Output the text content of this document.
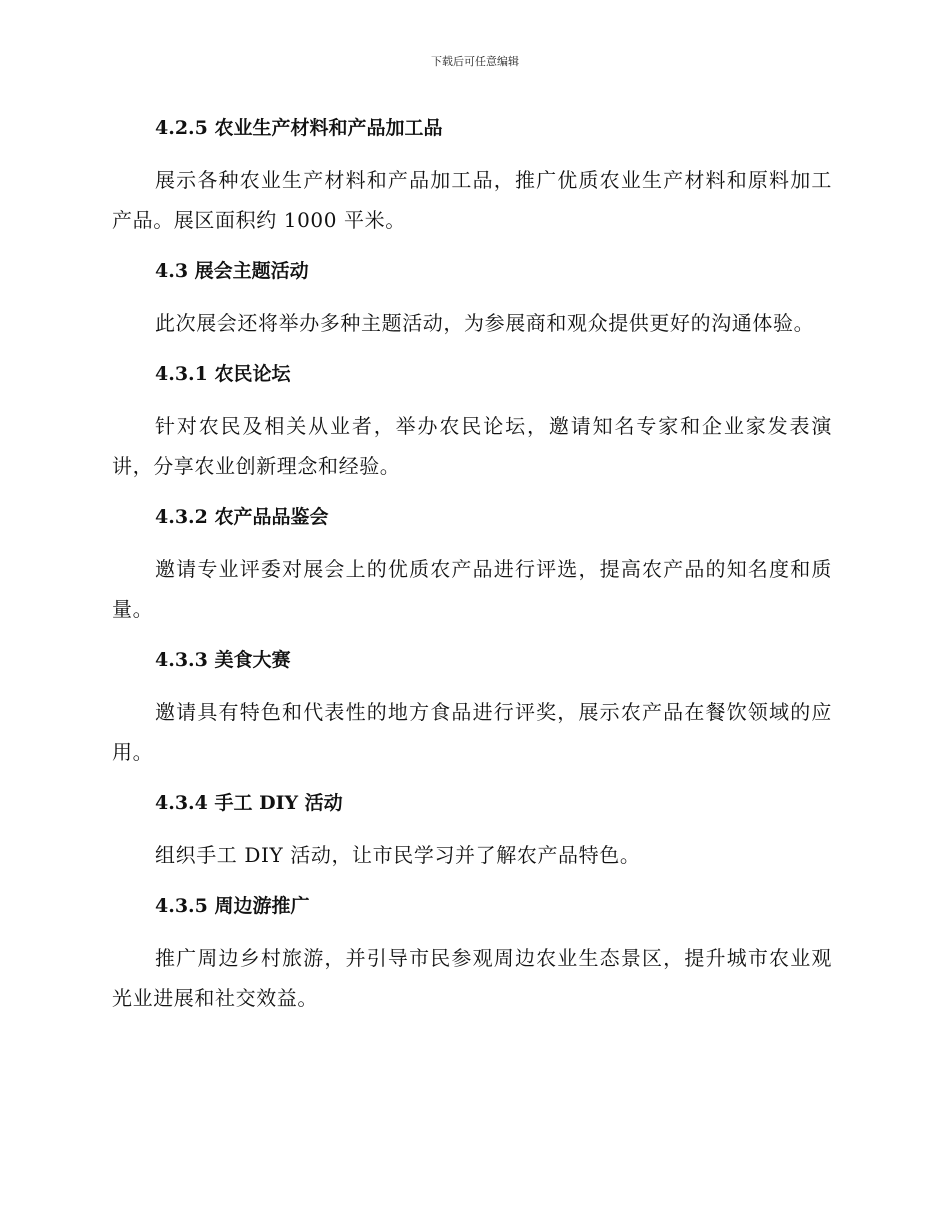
下载后可任意编辑
4.2.5 农业生产材料和产品加工品

展示各种农业生产材料和产品加工品，推广优质农业生产材料和原料加工产品。展区面积约 1000 平米。

4.3 展会主题活动

此次展会还将举办多种主题活动，为参展商和观众提供更好的沟通体验。

4.3.1 农民论坛

针对农民及相关从业者，举办农民论坛，邀请知名专家和企业家发表演讲，分享农业创新理念和经验。

4.3.2 农产品品鉴会

邀请专业评委对展会上的优质农产品进行评选，提高农产品的知名度和质量。

4.3.3 美食大赛

邀请具有特色和代表性的地方食品进行评奖，展示农产品在餐饮领域的应用。

4.3.4 手工 DIY 活动

组织手工 DIY 活动，让市民学习并了解农产品特色。

4.3.5 周边游推广

推广周边乡村旅游，并引导市民参观周边农业生态景区，提升城市农业观光业进展和社交效益。
